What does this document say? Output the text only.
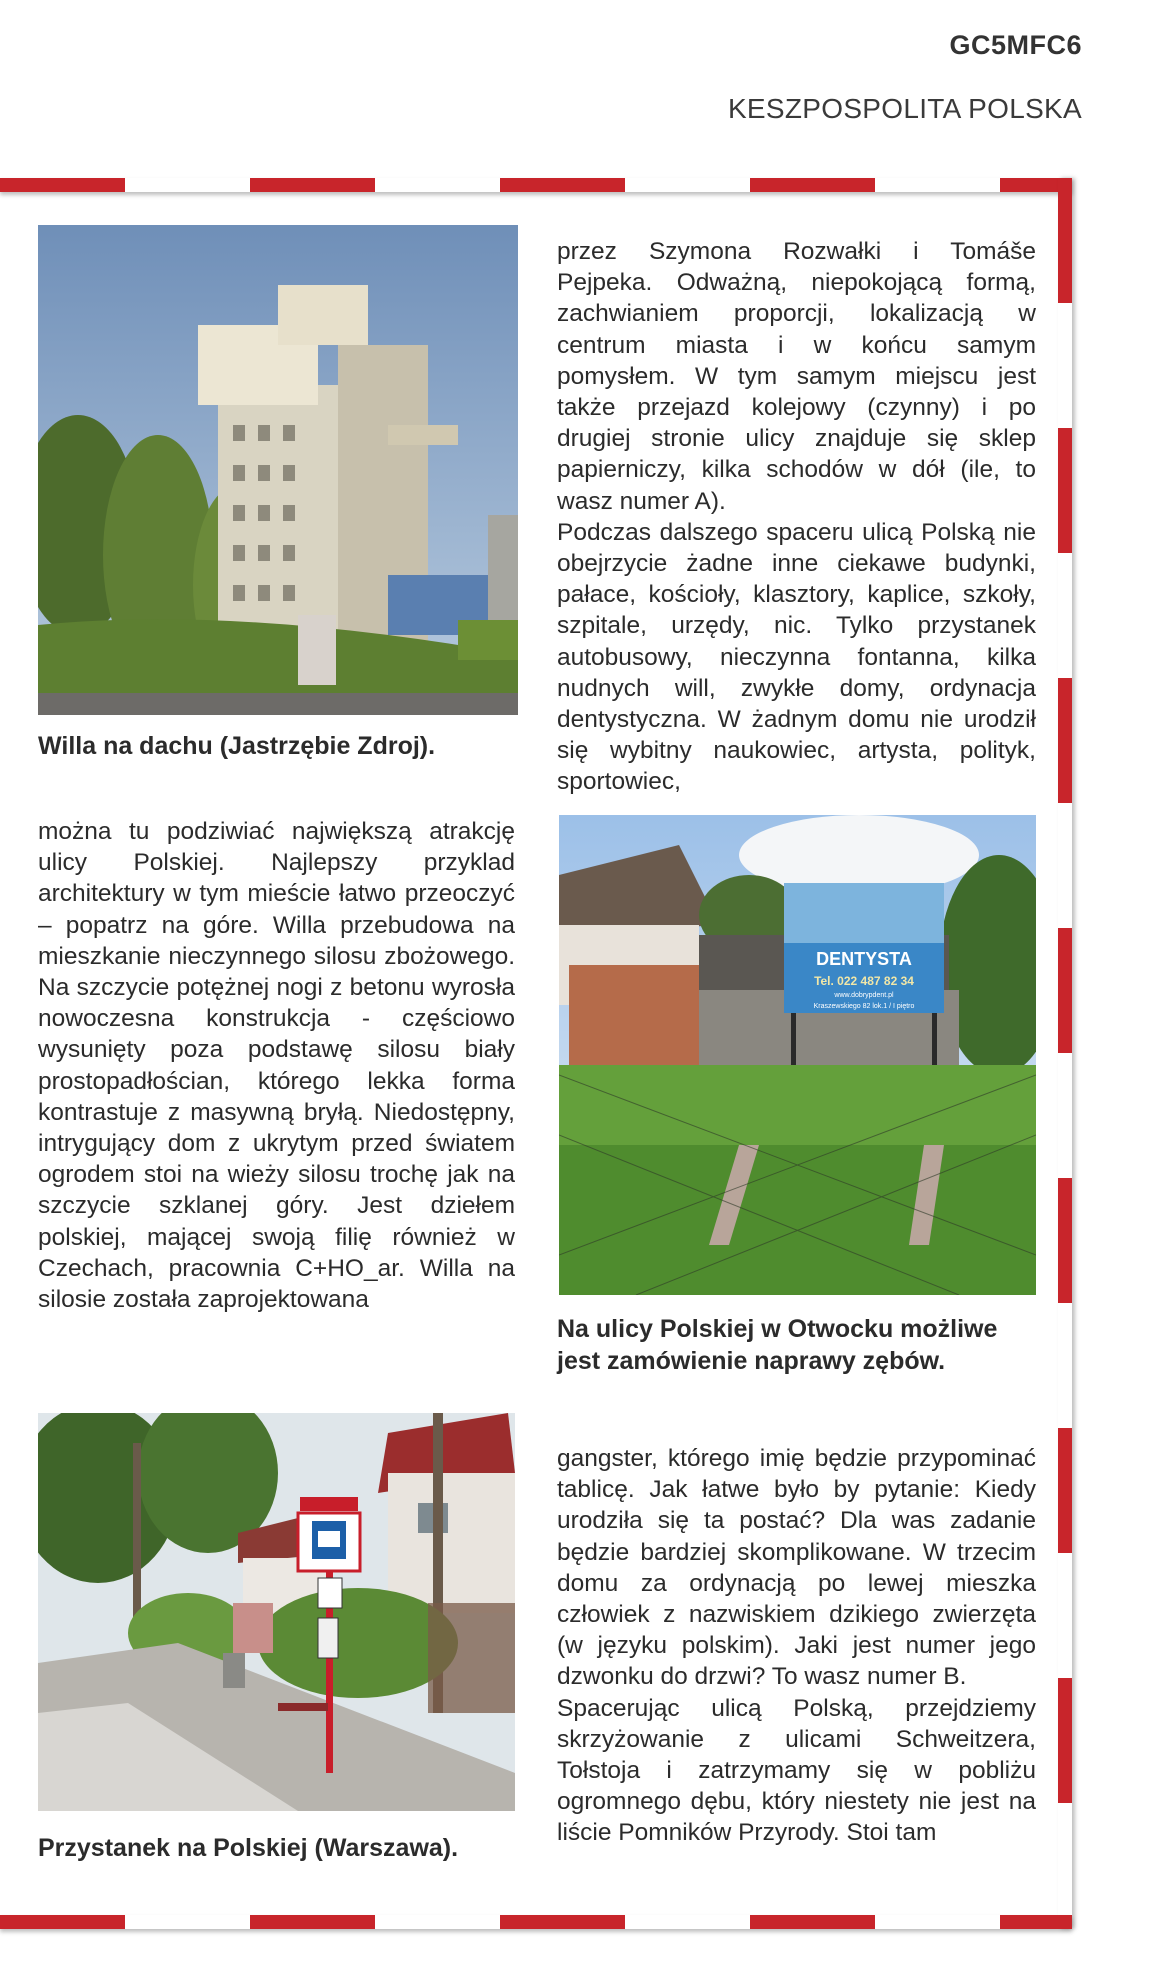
GC5MFC6
KESZPOSPOLITA POLSKA
Willa na dachu (Jastrzębie Zdroj).

przez Szymona Rozwałki i Tomáše Pejpeka. Odważną, niepokojącą formą, zachwianiem proporcji, lokalizacją w centrum miasta i w końcu samym pomysłem. W tym samym miejscu jest także przejazd kolejowy (czynny) i po drugiej stronie ulicy znajduje się sklep papierniczy, kilka schodów w dół (ile, to wasz numer A).

Podczas dalszego spaceru ulicą Polską nie obejrzycie żadne inne ciekawe budynki, pałace, kościoły, klasztory, kaplice, szkoły, szpitale, urzędy, nic. Tylko przystanek autobusowy, nieczynna fontanna, kilka nudnych will, zwykłe domy, ordynacja dentystyczna. W żadnym domu nie urodził się wybitny naukowiec, artysta, polityk, sportowiec,

można tu podziwiać największą atrakcję ulicy Polskiej. Najlepszy przyklad architektury w tym mieście łatwo przeoczyć – popatrz na góre. Willa przebudowa na mieszkanie nieczynnego silosu zbożowego. Na szczycie potężnej nogi z betonu wyrosła nowoczesna konstrukcja - częściowo wysunięty poza podstawę silosu biały prostopadłościan, którego lekka forma kontrastuje z masywną bryłą. Niedostępny, intrygujący dom z ukrytym przed światem ogrodem stoi na wieży silosu trochę jak na szczycie szklanej góry. Jest dziełem polskiej, mającej swoją filię również w Czechach, pracownia C+HO_ar. Willa na silosie została zaprojektowana

DENTYSTA
Tel. 022 487 82 34
www.dobrypdent.pl
Kraszewskiego 82 lok.1 / I piętro
Na ulicy Polskiej w Otwocku możliwe jest zamówienie naprawy zębów.
Przystanek na Polskiej (Warszawa).

gangster, którego imię będzie przypominać tablicę. Jak łatwe było by pytanie: Kiedy urodziła się ta postać? Dla was zadanie będzie bardziej skomplikowane. W trzecim domu za ordynacją po lewej mieszka człowiek z nazwiskiem dzikiego zwierzęta (w języku polskim). Jaki jest numer jego dzwonku do drzwi? To wasz numer B.

Spacerując ulicą Polską, przejdziemy skrzyżowanie z ulicami Schweitzera, Tołstoja i zatrzymamy się w pobliżu ogromnego dębu, który niestety nie jest na liście Pomników Przyrody. Stoi tam
